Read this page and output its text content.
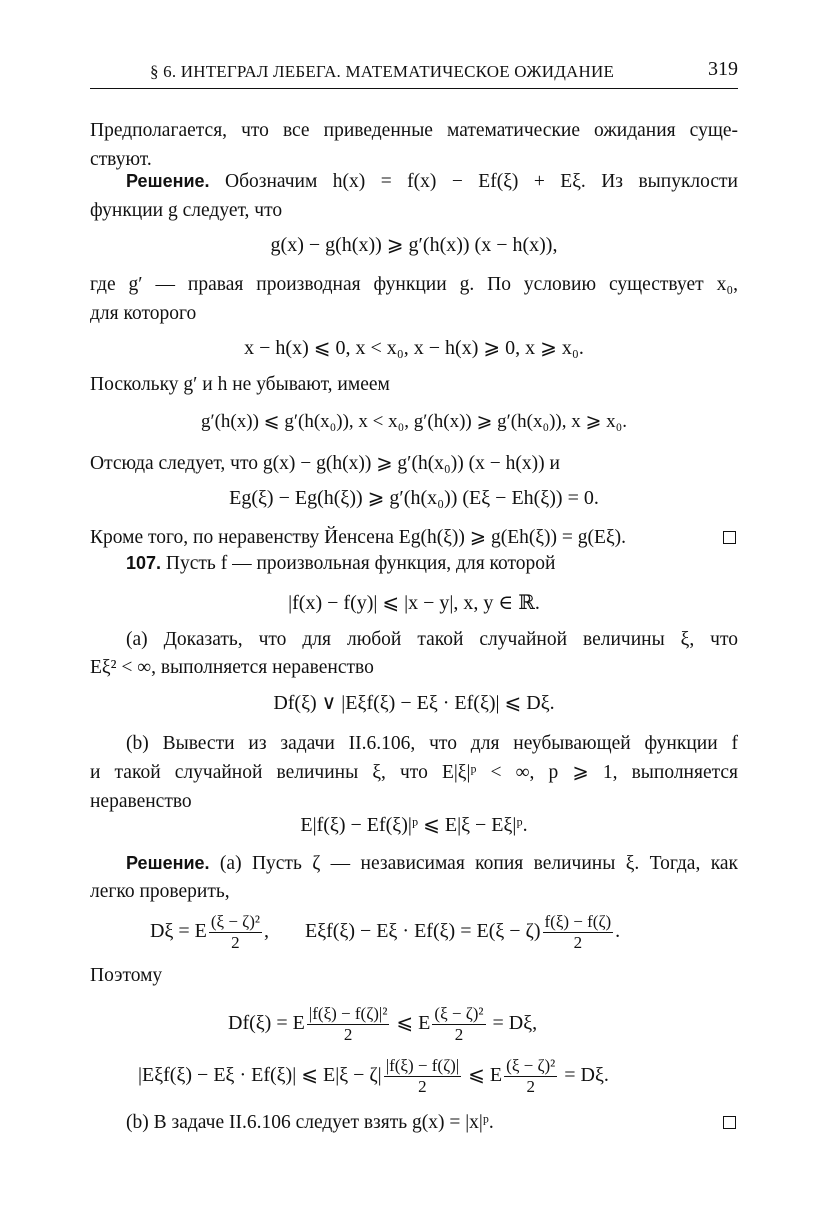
§ 6. ИНТЕГРАЛ ЛЕБЕГА. МАТЕМАТИЧЕСКОЕ ОЖИДАНИЕ	319
Предполагается, что все приведенные математические ожидания суще-
ствуют.
Решение. Обозначим h(x) = f(x) − Ef(ξ) + Eξ. Из выпуклости
функции g следует, что
g(x) − g(h(x)) ⩾ g′(h(x)) (x − h(x)),
где g′ — правая производная функции g. По условию существует x₀,
для которого
x − h(x) ⩽ 0, x < x₀, x − h(x) ⩾ 0, x ⩾ x₀.
Поскольку g′ и h не убывают, имеем
g′(h(x)) ⩽ g′(h(x₀)), x < x₀, g′(h(x)) ⩾ g′(h(x₀)), x ⩾ x₀.
Отсюда следует, что g(x) − g(h(x)) ⩾ g′(h(x₀)) (x − h(x)) и
Eg(ξ) − Eg(h(ξ)) ⩾ g′(h(x₀)) (Eξ − Eh(ξ)) = 0.
Кроме того, по неравенству Йенсена Eg(h(ξ)) ⩾ g(Eh(ξ)) = g(Eξ).
107. Пусть f — произвольная функция, для которой
|f(x) − f(y)| ⩽ |x − y|, x, y ∈ ℝ.
(a) Доказать, что для любой такой случайной величины ξ, что
Eξ² < ∞, выполняется неравенство
Df(ξ) ∨ |Eξf(ξ) − Eξ · Ef(ξ)| ⩽ Dξ.
(b) Вывести из задачи II.6.106, что для неубывающей функции f
и такой случайной величины ξ, что E|ξ|ᵖ < ∞, p ⩾ 1, выполняется
неравенство
E|f(ξ) − Ef(ξ)|ᵖ ⩽ E|ξ − Eξ|ᵖ.
Решение. (a) Пусть ζ — независимая копия величины ξ. Тогда, как
легко проверить,
Dξ = E $\frac{\text{(ξ − ζ)²}}{2}$ , $E\xi f(\xi) - E\xi \cdot Ef(\xi) = E(\xi - \zeta) \frac{f(\xi) - f(\zeta)}{2}$ .
Поэтому
Df(ξ) = E $\frac{\text{|f(ξ) − f(ζ)|²}}{2}$ ⩽ E $\frac{\text{(ξ − ζ)²}}{2} = D\xi$,
|Eξf(ξ) − Eξ · Ef(ξ)| ⩽ $E|\xi - \zeta| \frac{|f(\xi) - f(\zeta)|}{2}$ ⩽ E $\frac{\text{(ξ − ζ)²}}{2} = D\xi$.
(b) В задаче II.6.106 следует взять g(x) = |x|ᵖ.
